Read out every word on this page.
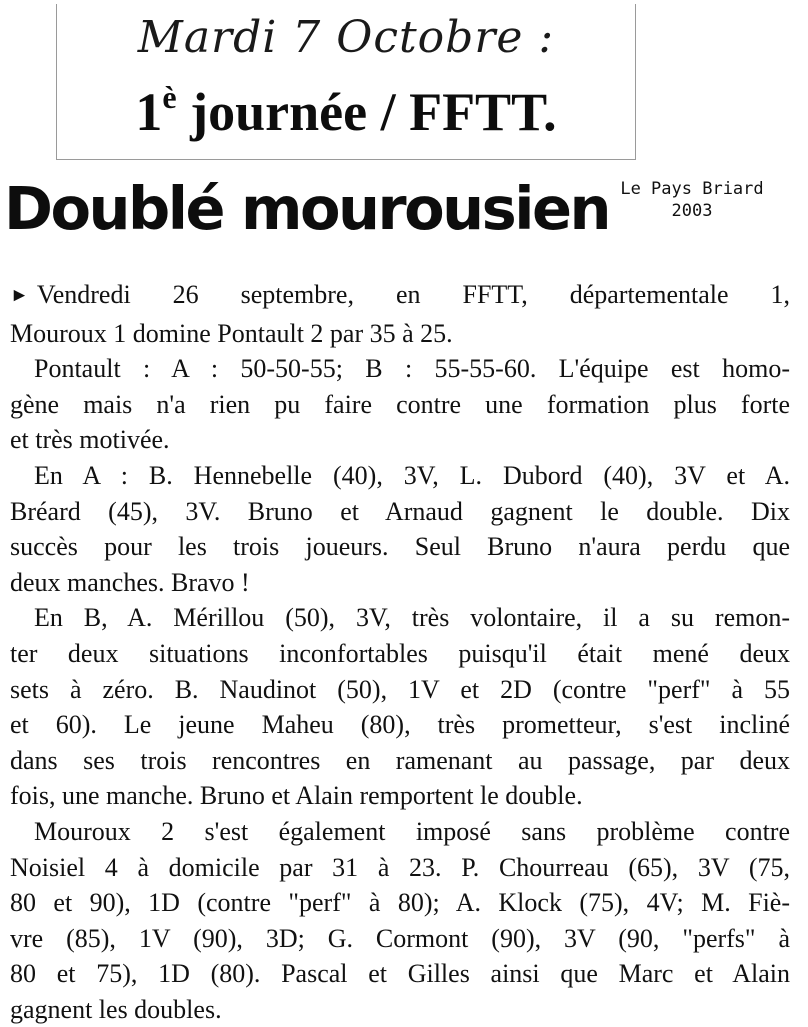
Mardi 7 Octobre :
$1^è$ journée / FFTT.
Doublé mourousien Le Pays Briard
2003
► Vendredi 26 septembre, en FFTT, départementale 1,
Mouroux 1 domine Pontault 2 par 35 à 25.
Pontault : A : 50-50-55; B : 55-55-60. L'équipe est homo-
gène mais n'a rien pu faire contre une formation plus forte
et très motivée.
En A : B. Hennebelle (40), 3V, L. Dubord (40), 3V et A.
Bréard (45), 3V. Bruno et Arnaud gagnent le double. Dix
succès pour les trois joueurs. Seul Bruno n'aura perdu que
deux manches. Bravo !
En B, A. Mérillou (50), 3V, très volontaire, il a su remon-
ter deux situations inconfortables puisqu'il était mené deux
sets à zéro. B. Naudinot (50), 1V et 2D (contre "perf" à 55
et 60). Le jeune Maheu (80), très prometteur, s'est incliné
dans ses trois rencontres en ramenant au passage, par deux
fois, une manche. Bruno et Alain remportent le double.
Mouroux 2 s'est également imposé sans problème contre
Noisiel 4 à domicile par 31 à 23. P. Chourreau (65), 3V (75,
80 et 90), 1D (contre "perf" à 80); A. Klock (75), 4V; M. Fiè-
vre (85), 1V (90), 3D; G. Cormont (90), 3V (90, "perfs" à
80 et 75), 1D (80). Pascal et Gilles ainsi que Marc et Alain
gagnent les doubles.
